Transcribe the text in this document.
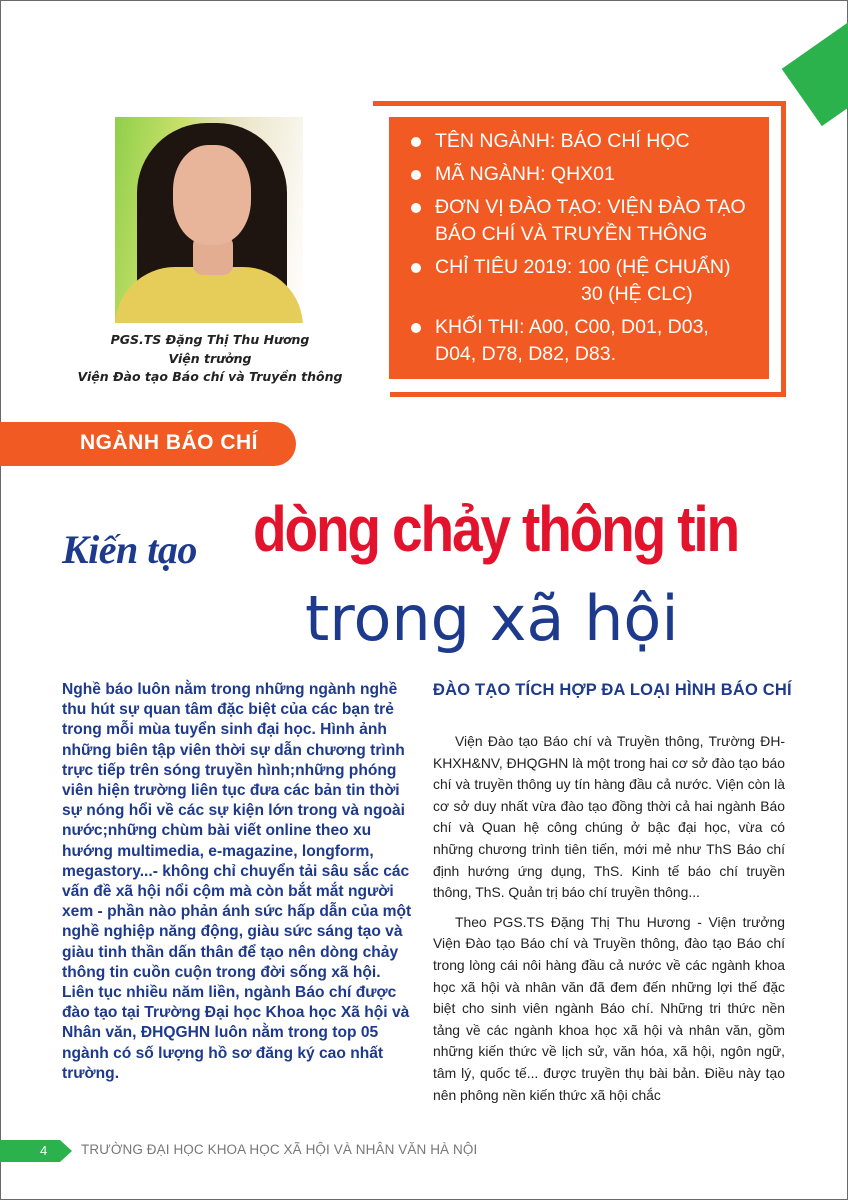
PGS.TS Đặng Thị Thu Hương
Viện trưởng
Viện Đào tạo Báo chí và Truyền thông
TÊN NGÀNH: BÁO CHÍ HỌC
MÃ NGÀNH: QHX01
ĐƠN VỊ ĐÀO TẠO: VIỆN ĐÀO TẠO BÁO CHÍ VÀ TRUYỀN THÔNG
CHỈ TIÊU 2019: 100 (HỆ CHUẨN)
30 (HỆ CLC)
KHỐI THI: A00, C00, D01, D03, D04, D78, D82, D83.
NGÀNH BÁO CHÍ
Kiến tạo dòng chảy thông tin
trong xã hội

Nghề báo luôn nằm trong những ngành nghề thu hút sự quan tâm đặc biệt của các bạn trẻ trong mỗi mùa tuyển sinh đại học. Hình ảnh những biên tập viên thời sự dẫn chương trình trực tiếp trên sóng truyền hình;những phóng viên hiện trường liên tục đưa các bản tin thời sự nóng hổi về các sự kiện lớn trong và ngoài nước;những chùm bài viết online theo xu hướng multimedia, e-magazine, longform, megastory...- không chỉ chuyển tải sâu sắc các vấn đề xã hội nổi cộm mà còn bắt mắt người xem - phần nào phản ánh sức hấp dẫn của một nghề nghiệp năng động, giàu sức sáng tạo và giàu tinh thần dấn thân để tạo nên dòng chảy thông tin cuồn cuộn trong đời sống xã hội. Liên tục nhiều năm liền, ngành Báo chí được đào tạo tại Trường Đại học Khoa học Xã hội và Nhân văn, ĐHQGHN luôn nằm trong top 05 ngành có số lượng hồ sơ đăng ký cao nhất trường.

ĐÀO TẠO TÍCH HỢP ĐA LOẠI HÌNH BÁO CHÍ

Viện Đào tạo Báo chí và Truyền thông, Trường ĐH-KHXH&NV, ĐHQGHN là một trong hai cơ sở đào tạo báo chí và truyền thông uy tín hàng đầu cả nước. Viện còn là cơ sở duy nhất vừa đào tạo đồng thời cả hai ngành Báo chí và Quan hệ công chúng ở bậc đại học, vừa có những chương trình tiên tiến, mới mẻ như ThS Báo chí định hướng ứng dụng, ThS. Kinh tế báo chí truyền thông, ThS. Quản trị báo chí truyền thông...

Theo PGS.TS Đặng Thị Thu Hương - Viện trưởng Viện Đào tạo Báo chí và Truyền thông, đào tạo Báo chí trong lòng cái nôi hàng đầu cả nước về các ngành khoa học xã hội và nhân văn đã đem đến những lợi thế đặc biệt cho sinh viên ngành Báo chí. Những tri thức nền tảng về các ngành khoa học xã hội và nhân văn, gồm những kiến thức về lịch sử, văn hóa, xã hội, ngôn ngữ, tâm lý, quốc tế... được truyền thụ bài bản. Điều này tạo nên phông nền kiến thức xã hội chắc

4	TRƯỜNG ĐẠI HỌC KHOA HỌC XÃ HỘI VÀ NHÂN VĂN HÀ NỘI
